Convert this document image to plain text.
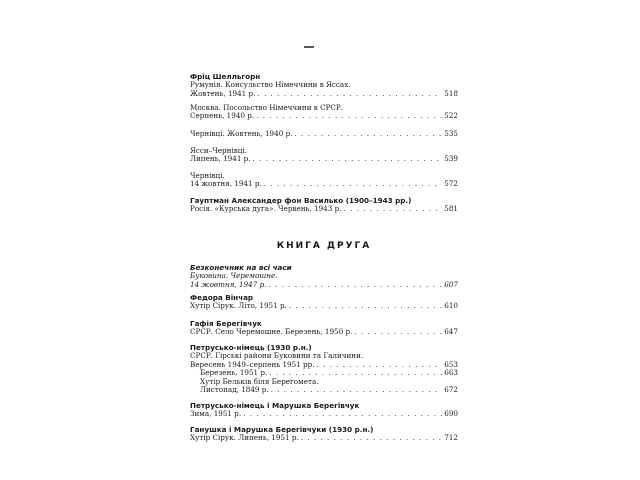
Фріц Шелльгорн
Румунія. Консульство Німеччини в Яссах.
Жовтень, 1941 р. . . .	518
Москва. Посольство Німеччини в СРСР.
Серпень, 1940 р. . . .	522
Чернівці. Жовтень, 1940 р. . . .	535
Ясси–Чернівці.
Липень, 1941 р. . . .	539
Чернівці.
14 жовтня, 1941 р. . . .	572
Гауптман Александер фон Василько (1900–1943 рр.)
Росія. «Курська дуга». Червень, 1943 р. . . .	581
КНИГА ДРУГА
Безконечник на всі часи
Буковина. Черемошне.
14 жовтня, 1947 р. . . .	607
Федора Вінчар
Хутір Сірук. Літо, 1951 р. . . .	610
Гафія Берегівчук
СРСР. Село Черемошне. Березень, 1950 р. . . .	647
Петрусько-німець (1930 р.н.)
СРСР. Гірські райони Буковини та Галичини.
Вересень 1949–серпень 1951 рр. . . .	653
Березень, 1951 р. . . .	663
Хутір Бельків біля Берегомета.
Листопад, 1849 р. . . .	672
Петрусько-німець і Марушка Берегівчук
Зима, 1951 р. . . .	690
Ганушка і Марушка Берегівчуки (1930 р.н.)
Хутір Сірук. Липень, 1951 р. . . .	712
